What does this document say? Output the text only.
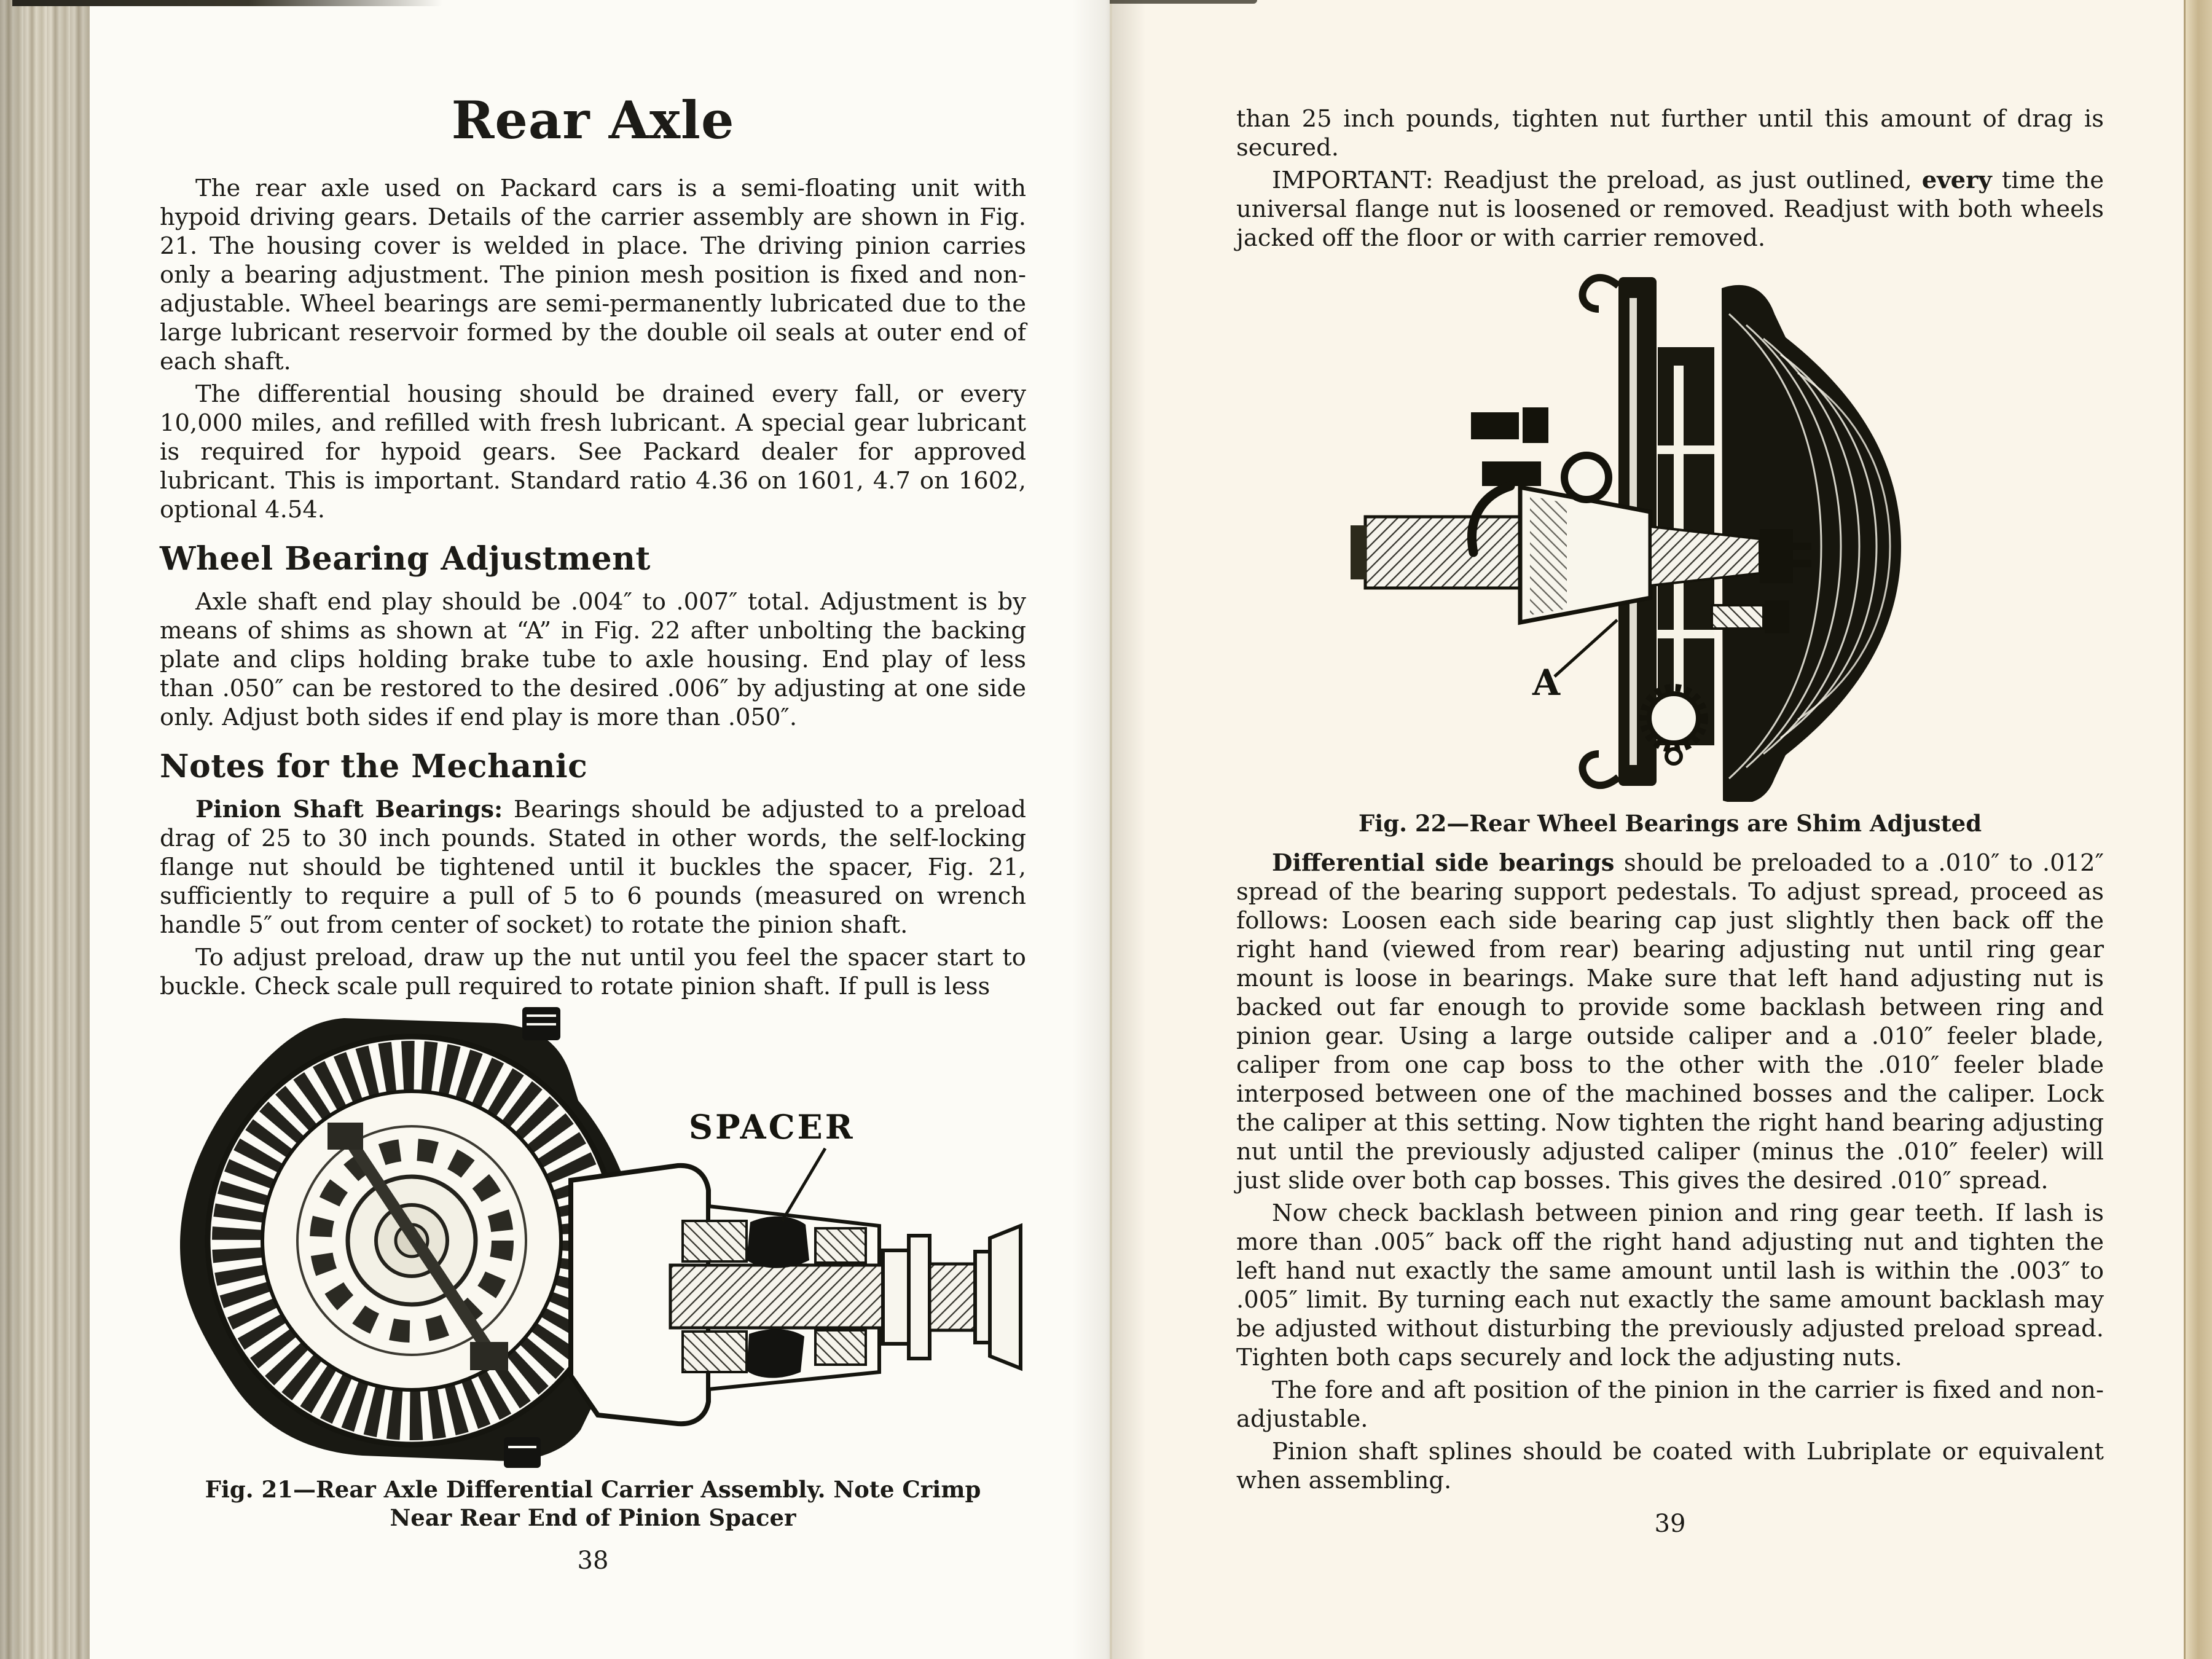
Rear Axle

The rear axle used on Packard cars is a semi-floating unit with hypoid driving gears. Details of the carrier assembly are shown in Fig. 21. The housing cover is welded in place. The driving pinion carries only a bearing adjustment. The pinion mesh position is fixed and non-adjustable. Wheel bearings are semi-permanently lubricated due to the large lubricant reservoir formed by the double oil seals at outer end of each shaft.

The differential housing should be drained every fall, or every 10,000 miles, and refilled with fresh lubricant. A special gear lubricant is required for hypoid gears. See Packard dealer for approved lubricant. This is important. Standard ratio 4.36 on 1601, 4.7 on 1602, optional 4.54.

Wheel Bearing Adjustment

Axle shaft end play should be .004″ to .007″ total. Adjustment is by means of shims as shown at “A” in Fig. 22 after unbolting the backing plate and clips holding brake tube to axle housing. End play of less than .050″ can be restored to the desired .006″ by adjusting at one side only. Adjust both sides if end play is more than .050″.

Notes for the Mechanic

Pinion Shaft Bearings: Bearings should be adjusted to a preload drag of 25 to 30 inch pounds. Stated in other words, the self-locking flange nut should be tightened until it buckles the spacer, Fig. 21, sufficiently to require a pull of 5 to 6 pounds (measured on wrench handle 5″ out from center of socket) to rotate the pinion shaft.

To adjust preload, draw up the nut until you feel the spacer start to buckle. Check scale pull required to rotate pinion shaft. If pull is less

SPACER
Fig. 21—Rear Axle Differential Carrier Assembly. Note Crimp Near Rear End of Pinion Spacer
38

than 25 inch pounds, tighten nut further until this amount of drag is secured.

IMPORTANT: Readjust the preload, as just outlined, every time the universal flange nut is loosened or removed. Readjust with both wheels jacked off the floor or with carrier removed.

A
Fig. 22—Rear Wheel Bearings are Shim Adjusted

Differential side bearings should be preloaded to a .010″ to .012″ spread of the bearing support pedestals. To adjust spread, proceed as follows: Loosen each side bearing cap just slightly then back off the right hand (viewed from rear) bearing adjusting nut until ring gear mount is loose in bearings. Make sure that left hand adjusting nut is backed out far enough to provide some backlash between ring and pinion gear. Using a large outside caliper and a .010″ feeler blade, caliper from one cap boss to the other with the .010″ feeler blade interposed between one of the machined bosses and the caliper. Lock the caliper at this setting. Now tighten the right hand bearing adjusting nut until the previously adjusted caliper (minus the .010″ feeler) will just slide over both cap bosses. This gives the desired .010″ spread.

Now check backlash between pinion and ring gear teeth. If lash is more than .005″ back off the right hand adjusting nut and tighten the left hand nut exactly the same amount until lash is within the .003″ to .005″ limit. By turning each nut exactly the same amount backlash may be adjusted without disturbing the previously adjusted preload spread. Tighten both caps securely and lock the adjusting nuts.

The fore and aft position of the pinion in the carrier is fixed and non-adjustable.

Pinion shaft splines should be coated with Lubriplate or equivalent when assembling.

39
